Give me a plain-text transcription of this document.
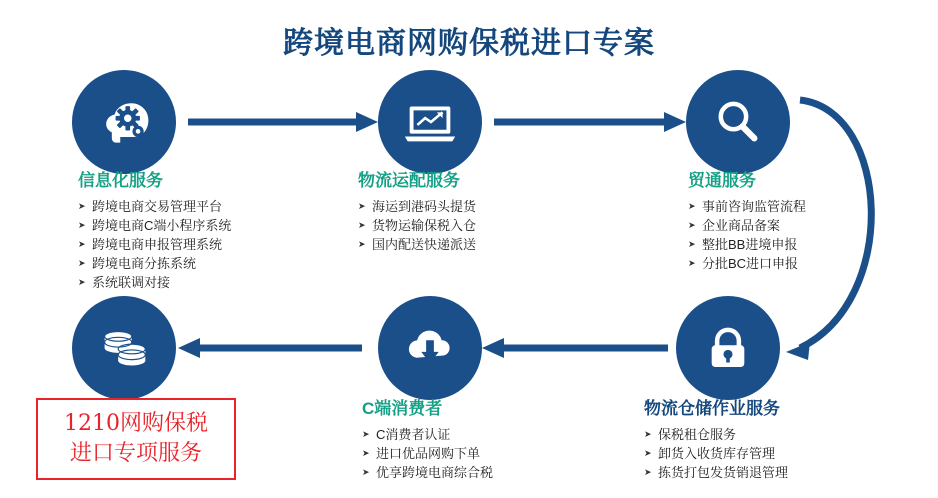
跨境电商网购保税进口专案
信息化服务
➤ 跨境电商交易管理平台
➤ 跨境电商C端小程序系统
➤ 跨境电商申报管理系统
➤ 跨境电商分拣系统
➤ 系统联调对接
物流运配服务
➤ 海运到港码头提货
➤ 货物运输保税入仓
➤ 国内配送快递派送
贸通服务
➤ 事前咨询监管流程
➤ 企业商品备案
➤ 整批BB进境申报
➤ 分批BC进口申报
物流仓储作业服务
➤ 保税租仓服务
➤ 卸货入收货库存管理
➤ 拣货打包发货销退管理
C端消费者
➤ C消费者认证
➤ 进口优品网购下单
➤ 优享跨境电商综合税
1210网购保税
进口专项服务
